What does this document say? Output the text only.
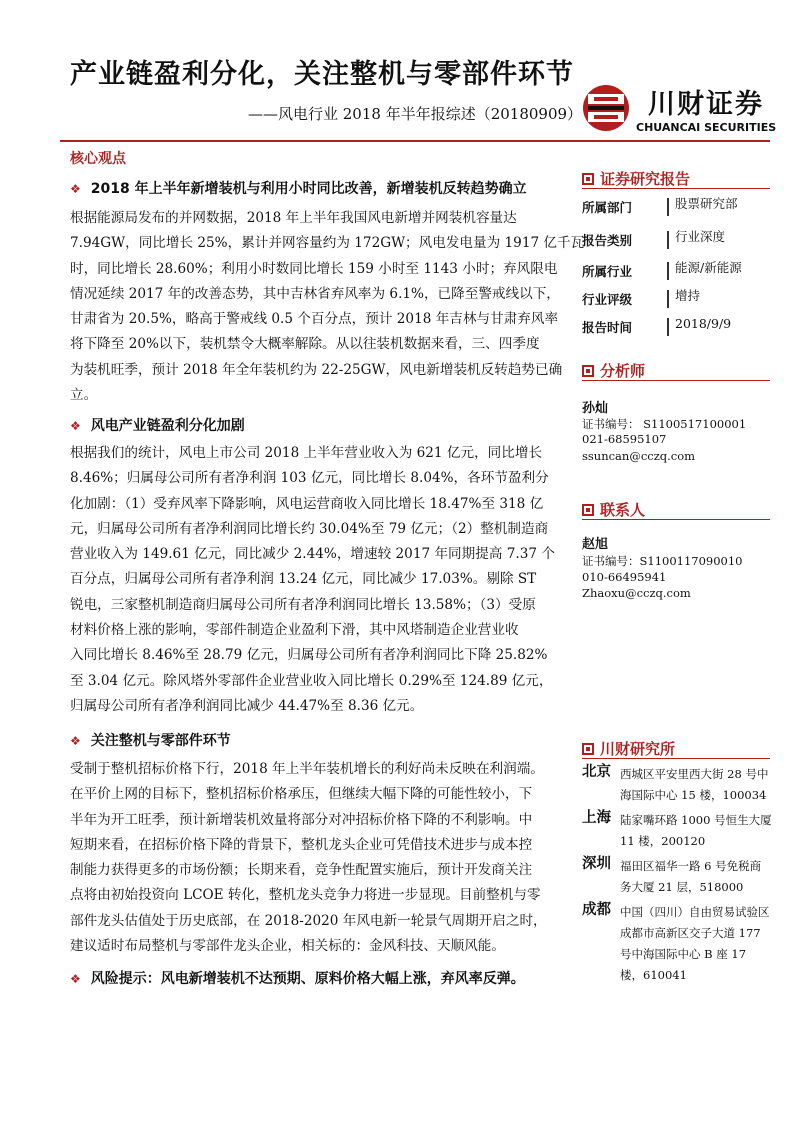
产业链盈利分化，关注整机与零部件环节
——风电行业 2018 年半年报综述（20180909） 川财证券
CHUANCAI SECURITIES
核心观点
❖ 2018 年上半年新增装机与利用小时同比改善，新增装机反转趋势确立
根据能源局发布的并网数据，2018 年上半年我国风电新增并网装机容量达
7.94GW，同比增长 25%，累计并网容量约为 172GW；风电发电量为 1917 亿千瓦
时，同比增长 28.60%；利用小时数同比增长 159 小时至 1143 小时；弃风限电
情况延续 2017 年的改善态势，其中吉林省弃风率为 6.1%，已降至警戒线以下，
甘肃省为 20.5%，略高于警戒线 0.5 个百分点，预计 2018 年吉林与甘肃弃风率
将下降至 20%以下，装机禁令大概率解除。从以往装机数据来看，三、四季度
为装机旺季，预计 2018 年全年装机约为 22-25GW，风电新增装机反转趋势已确
立。
❖ 风电产业链盈利分化加剧
根据我们的统计，风电上市公司 2018 上半年营业收入为 621 亿元，同比增长
8.46%；归属母公司所有者净利润 103 亿元，同比增长 8.04%，各环节盈利分
化加剧：（1）受弃风率下降影响，风电运营商收入同比增长 18.47%至 318 亿
元，归属母公司所有者净利润同比增长约 30.04%至 79 亿元；（2）整机制造商
营业收入为 149.61 亿元，同比减少 2.44%，增速较 2017 年同期提高 7.37 个
百分点，归属母公司所有者净利润 13.24 亿元，同比减少 17.03%。剔除 ST
锐电，三家整机制造商归属母公司所有者净利润同比增长 13.58%；（3）受原
材料价格上涨的影响，零部件制造企业盈利下滑，其中风塔制造企业营业收
入同比增长 8.46%至 28.79 亿元，归属母公司所有者净利润同比下降 25.82%
至 3.04 亿元。除风塔外零部件企业营业收入同比增长 0.29%至 124.89 亿元，
归属母公司所有者净利润同比减少 44.47%至 8.36 亿元。
❖ 关注整机与零部件环节
受制于整机招标价格下行，2018 年上半年装机增长的利好尚未反映在利润端。
在平价上网的目标下，整机招标价格承压，但继续大幅下降的可能性较小，下
半年为开工旺季，预计新增装机效量将部分对冲招标价格下降的不利影响。中
短期来看，在招标价格下降的背景下，整机龙头企业可凭借技术进步与成本控
制能力获得更多的市场份额；长期来看，竞争性配置实施后，预计开发商关注
点将由初始投资向 LCOE 转化，整机龙头竞争力将进一步显现。目前整机与零
部件龙头估值处于历史底部，在 2018-2020 年风电新一轮景气周期开启之时，
建议适时布局整机与零部件龙头企业，相关标的：金风科技、天顺风能。
❖ 风险提示：风电新增装机不达预期、原料价格大幅上涨，弃风率反弹。
证券研究报告
所属部门	股票研究部
报告类别	行业深度
所属行业	能源/新能源
行业评级	增持
报告时间	2018/9/9
分析师
孙灿
证书编号： S1100517100001
021-68595107
ssuncan@cczq.com
联系人
赵旭
证书编号：S1100117090010
010-66495941
Zhaoxu@cczq.com
川财研究所
北京 西城区平安里西大街 28 号中海国际中心 15 楼，100034
上海 陆家嘴环路 1000 号恒生大厦 11 楼，200120
深圳 福田区福华一路 6 号免税商务大厦 21 层，518000
成都 中国（四川）自由贸易试验区成都市高新区交子大道 177 号中海国际中心 B 座 17 楼，610041
